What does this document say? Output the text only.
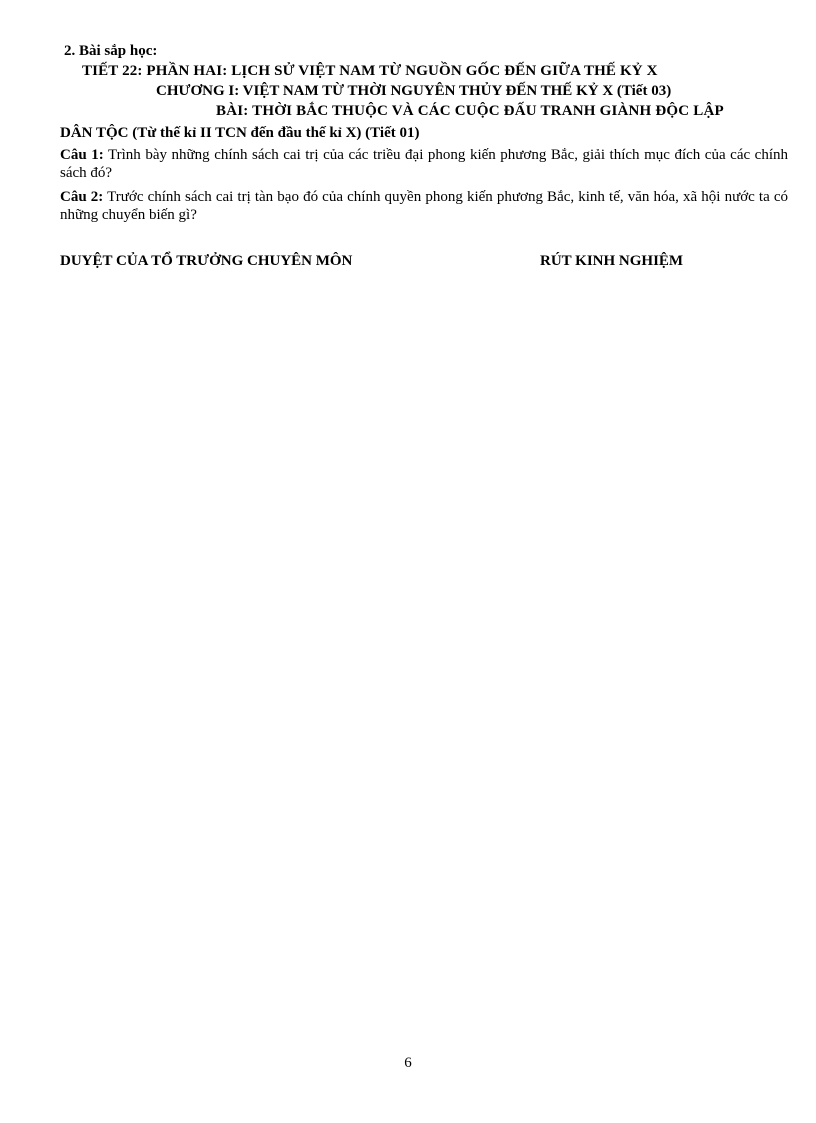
2. Bài sắp học:
TIẾT 22: PHẦN HAI: LỊCH SỬ VIỆT NAM TỪ NGUỒN GỐC ĐẾN GIỮA THẾ KỶ X
CHƯƠNG I: VIỆT NAM TỪ THỜI NGUYÊN THỦY ĐẾN THẾ KỶ X (Tiết 03)
BÀI: THỜI BẮC THUỘC VÀ CÁC CUỘC ĐẤU TRANH GIÀNH ĐỘC LẬP
DÂN TỘC (Từ thế kỉ II TCN đến đầu thế kỉ X) (Tiết 01)
Câu 1: Trình bày những chính sách cai trị của các triều đại phong kiến phương Bắc, giải thích mục đích của các chính sách đó?
Câu 2: Trước chính sách cai trị tàn bạo đó của chính quyền phong kiến phương Bắc, kinh tế, văn hóa, xã hội nước ta có những chuyển biến gì?
DUYỆT CỦA TỔ TRƯỞNG CHUYÊN MÔN	RÚT KINH NGHIỆM
6
